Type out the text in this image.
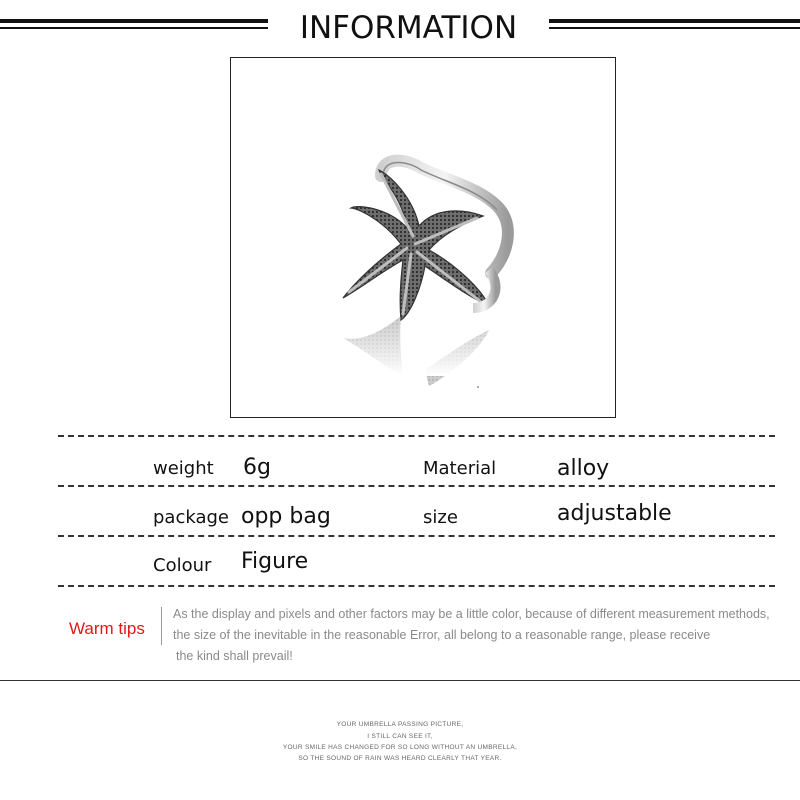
INFORMATION
weight 6g	Material	alloy
package opp bag	size	adjustable
Colour Figure
Warm tips
As the display and pixels and other factors may be a little color, because of different measurement methods,
the size of the inevitable in the reasonable Error, all belong to a reasonable range, please receive
the kind shall prevail!
YOUR UMBRELLA PASSING PICTURE,
I STILL CAN SEE IT,
YOUR SMILE HAS CHANGED FOR SO LONG WITHOUT AN UMBRELLA,
SO THE SOUND OF RAIN WAS HEARD CLEARLY THAT YEAR.
